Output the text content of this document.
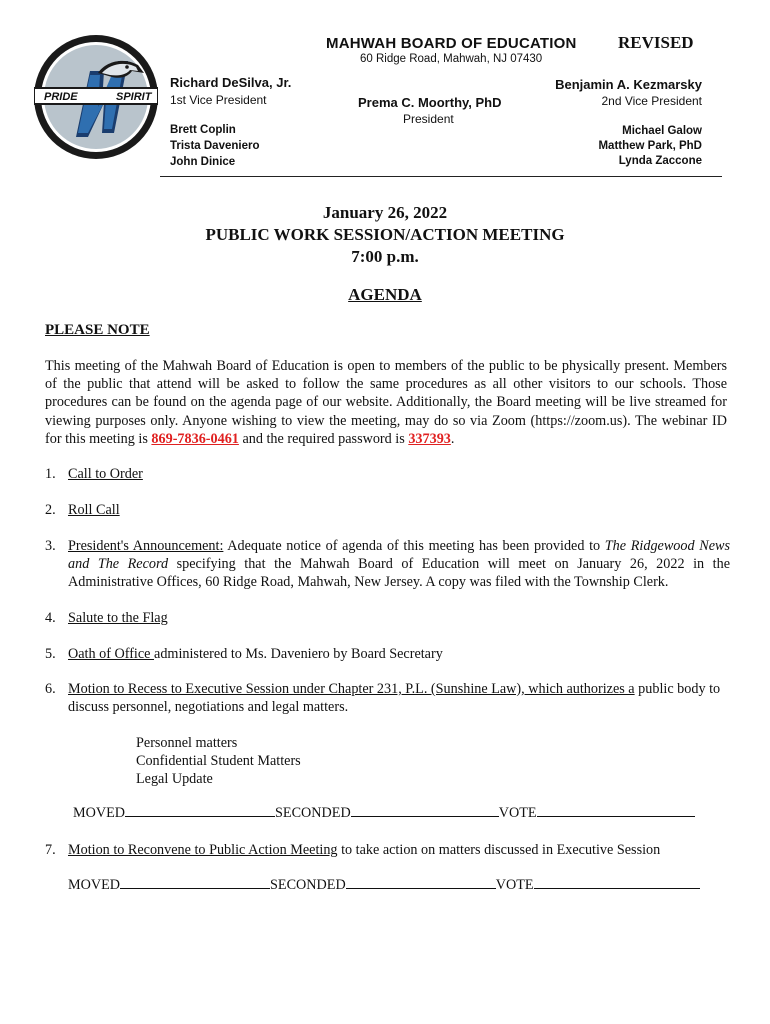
PRIDE	SPIRIT
MAHWAH BOARD OF EDUCATION REVISED
60 Ridge Road, Mahwah, NJ 07430
Richard DeSilva, Jr.
1st Vice President
Brett Coplin
Trista Daveniero
John Dinice
Prema C. Moorthy, PhD
President
Benjamin A. Kezmarsky
2nd Vice President
Michael Galow
Matthew Park, PhD
Lynda Zaccone
January 26, 2022
PUBLIC WORK SESSION/ACTION MEETING
7:00 p.m.
AGENDA
PLEASE NOTE
This meeting of the Mahwah Board of Education is open to members of the public to be physically present. Members of the public that attend will be asked to follow the same procedures as all other visitors to our schools. Those procedures can be found on the agenda page of our website. Additionally, the Board meeting will be live streamed for viewing purposes only. Anyone wishing to view the meeting, may do so via Zoom (https://zoom.us). The webinar ID for this meeting is 869-7836-0461 and the required password is 337393.
1. Call to Order
2. Roll Call
3. President's Announcement: Adequate notice of agenda of this meeting has been provided to The Ridgewood News and The Record specifying that the Mahwah Board of Education will meet on January 26, 2022 in the Administrative Offices, 60 Ridge Road, Mahwah, New Jersey. A copy was filed with the Township Clerk.
4. Salute to the Flag
5. Oath of Office administered to Ms. Daveniero by Board Secretary
6. Motion to Recess to Executive Session under Chapter 231, P.L. (Sunshine Law), which authorizes a public body to discuss personnel, negotiations and legal matters.
Personnel matters
Confidential Student Matters
Legal Update
MOVED	SECONDED	VOTE
7. Motion to Reconvene to Public Action Meeting to take action on matters discussed in Executive Session
MOVED	SECONDED	VOTE
